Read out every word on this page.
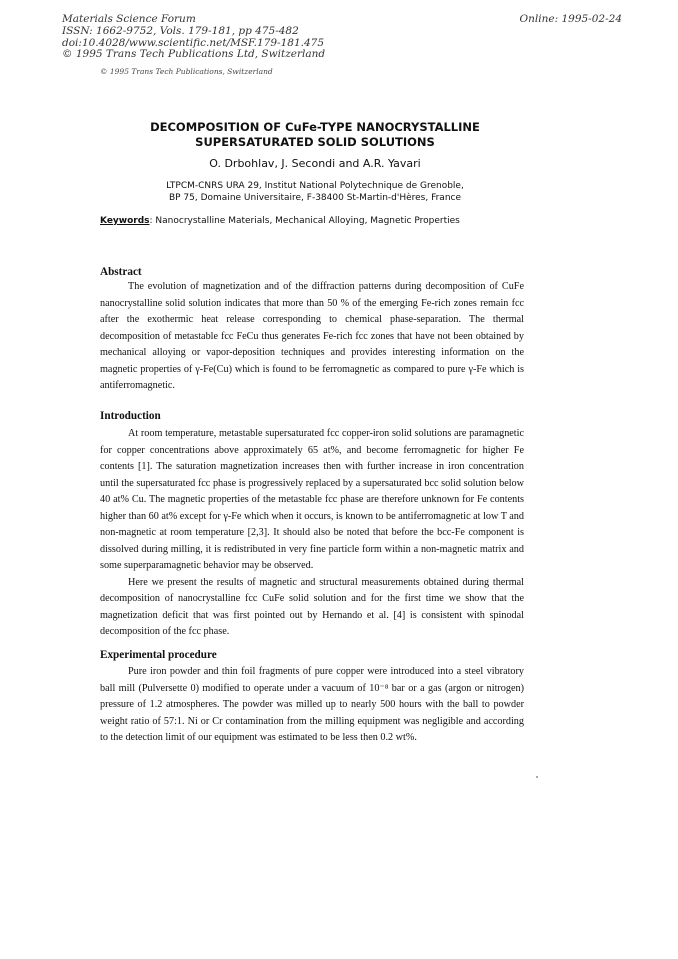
Materials Science Forum
ISSN: 1662-9752, Vols. 179-181, pp 475-482
doi:10.4028/www.scientific.net/MSF.179-181.475
© 1995 Trans Tech Publications Ltd, Switzerland
Online: 1995-02-24
© 1995 Trans Tech Publications, Switzerland
DECOMPOSITION OF CuFe-TYPE NANOCRYSTALLINE
SUPERSATURATED SOLID SOLUTIONS
O. Drbohlav, J. Secondi and A.R. Yavari
LTPCM-CNRS URA 29, Institut National Polytechnique de Grenoble,
BP 75, Domaine Universitaire, F-38400 St-Martin-d'Hères, France
Keywords: Nanocrystalline Materials, Mechanical Alloying, Magnetic Properties
Abstract

The evolution of magnetization and of the diffraction patterns during decomposition of CuFe nanocrystalline solid solution indicates that more than 50 % of the emerging Fe-rich zones remain fcc after the exothermic heat release corresponding to chemical phase-separation. The thermal decomposition of metastable fcc FeCu thus generates Fe-rich fcc zones that have not been obtained by mechanical alloying or vapor-deposition techniques and provides interesting information on the magnetic properties of γ-Fe(Cu) which is found to be ferromagnetic as compared to pure γ-Fe which is antiferromagnetic.

Introduction

At room temperature, metastable supersaturated fcc copper-iron solid solutions are paramagnetic for copper concentrations above approximately 65 at%, and become ferromagnetic for higher Fe contents [1]. The saturation magnetization increases then with further increase in iron concentration until the supersaturated fcc phase is progressively replaced by a supersaturated bcc solid solution below 40 at% Cu. The magnetic properties of the metastable fcc phase are therefore unknown for Fe contents higher than 60 at% except for γ-Fe which when it occurs, is known to be antiferromagnetic at low T and non-magnetic at room temperature [2,3]. It should also be noted that before the bcc-Fe component is dissolved during milling, it is redistributed in very fine particle form within a non-magnetic matrix and some superparamagnetic behavior may be observed.

Here we present the results of magnetic and structural measurements obtained during thermal decomposition of nanocrystalline fcc CuFe solid solution and for the first time we show that the magnetization deficit that was first pointed out by Hernando et al. [4] is consistent with spinodal decomposition of the fcc phase.

Experimental procedure

Pure iron powder and thin foil fragments of pure copper were introduced into a steel vibratory ball mill (Pulversette 0) modified to operate under a vacuum of 10⁻⁸ bar or a gas (argon or nitrogen) pressure of 1.2 atmospheres. The powder was milled up to nearly 500 hours with the ball to powder weight ratio of 57:1. Ni or Cr contamination from the milling equipment was negligible and according to the detection limit of our equipment was estimated to be less then 0.2 wt%.
